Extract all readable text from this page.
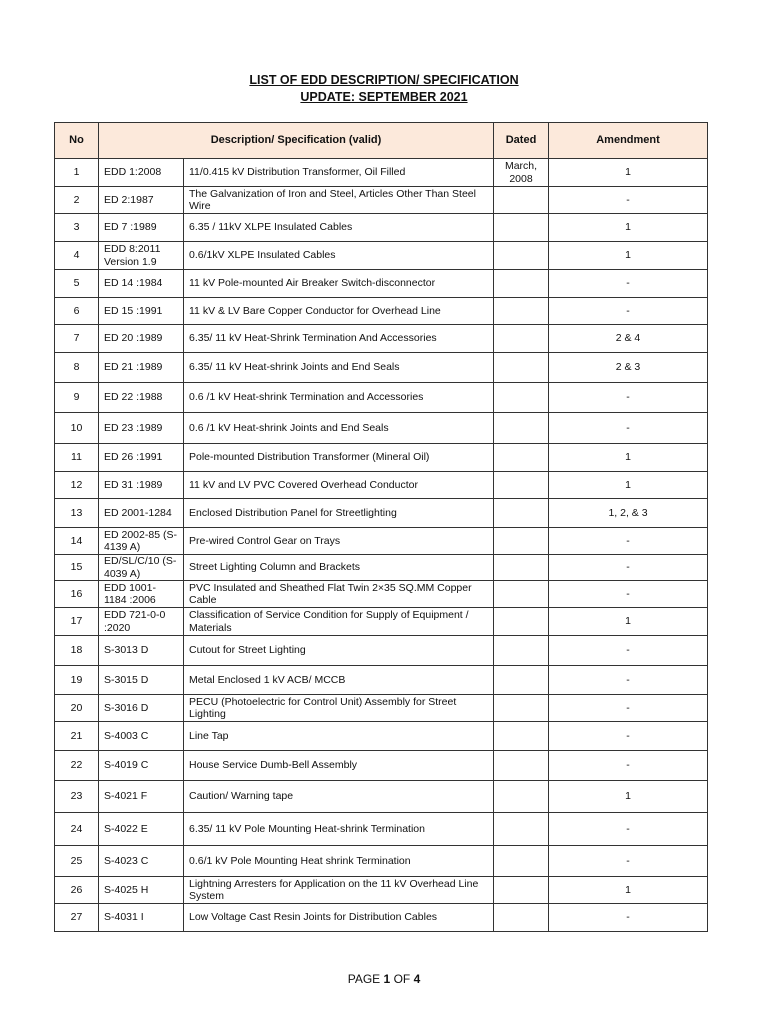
LIST OF EDD DESCRIPTION/ SPECIFICATION
UPDATE: SEPTEMBER 2021
No	Description/ Specification (valid)		Dated	Amendment
1	EDD 1:2008	11/0.415 kV Distribution Transformer, Oil Filled	March, 2008	1
2	ED 2:1987	The Galvanization of Iron and Steel, Articles Other Than Steel Wire		-
3	ED 7 :1989	6.35 / 11kV XLPE Insulated Cables		1
4	EDD 8:2011 Version 1.9	0.6/1kV XLPE Insulated Cables		1
5	ED 14 :1984	11 kV Pole-mounted Air Breaker Switch-disconnector		-
6	ED 15 :1991	11 kV & LV Bare Copper Conductor for Overhead Line		-
7	ED 20 :1989	6.35/ 11 kV Heat-Shrink Termination And Accessories		2 & 4
8	ED 21 :1989	6.35/ 11 kV Heat-shrink Joints and End Seals		2 & 3
9	ED 22 :1988	0.6 /1 kV Heat-shrink Termination and Accessories		-
10	ED 23 :1989	0.6 /1 kV Heat-shrink Joints and End Seals		-
11	ED 26 :1991	Pole-mounted Distribution Transformer (Mineral Oil)		1
12	ED 31 :1989	11 kV and LV PVC Covered Overhead Conductor		1
13	ED 2001-1284	Enclosed Distribution Panel for Streetlighting		1, 2, & 3
14	ED 2002-85 (S-4139 A)	Pre-wired Control Gear on Trays		-
15	ED/SL/C/10 (S-4039 A)	Street Lighting Column and Brackets		-
16	EDD 1001-1184 :2006	PVC Insulated and Sheathed Flat Twin 2×35 SQ.MM Copper Cable		-
17	EDD 721-0-0 :2020	Classification of Service Condition for Supply of Equipment / Materials		1
18	S-3013 D	Cutout for Street Lighting		-
19	S-3015 D	Metal Enclosed 1 kV ACB/ MCCB		-
20	S-3016 D	PECU (Photoelectric for Control Unit) Assembly for Street Lighting		-
21	S-4003 C	Line Tap		-
22	S-4019 C	House Service Dumb-Bell Assembly		-
23	S-4021 F	Caution/ Warning tape		1
24	S-4022 E	6.35/ 11 kV Pole Mounting Heat-shrink Termination		-
25	S-4023 C	0.6/1 kV Pole Mounting Heat shrink Termination		-
26	S-4025 H	Lightning Arresters for Application on the 11 kV Overhead Line System		1
27	S-4031 I	Low Voltage Cast Resin Joints for Distribution Cables		-
PAGE 1 OF 4
